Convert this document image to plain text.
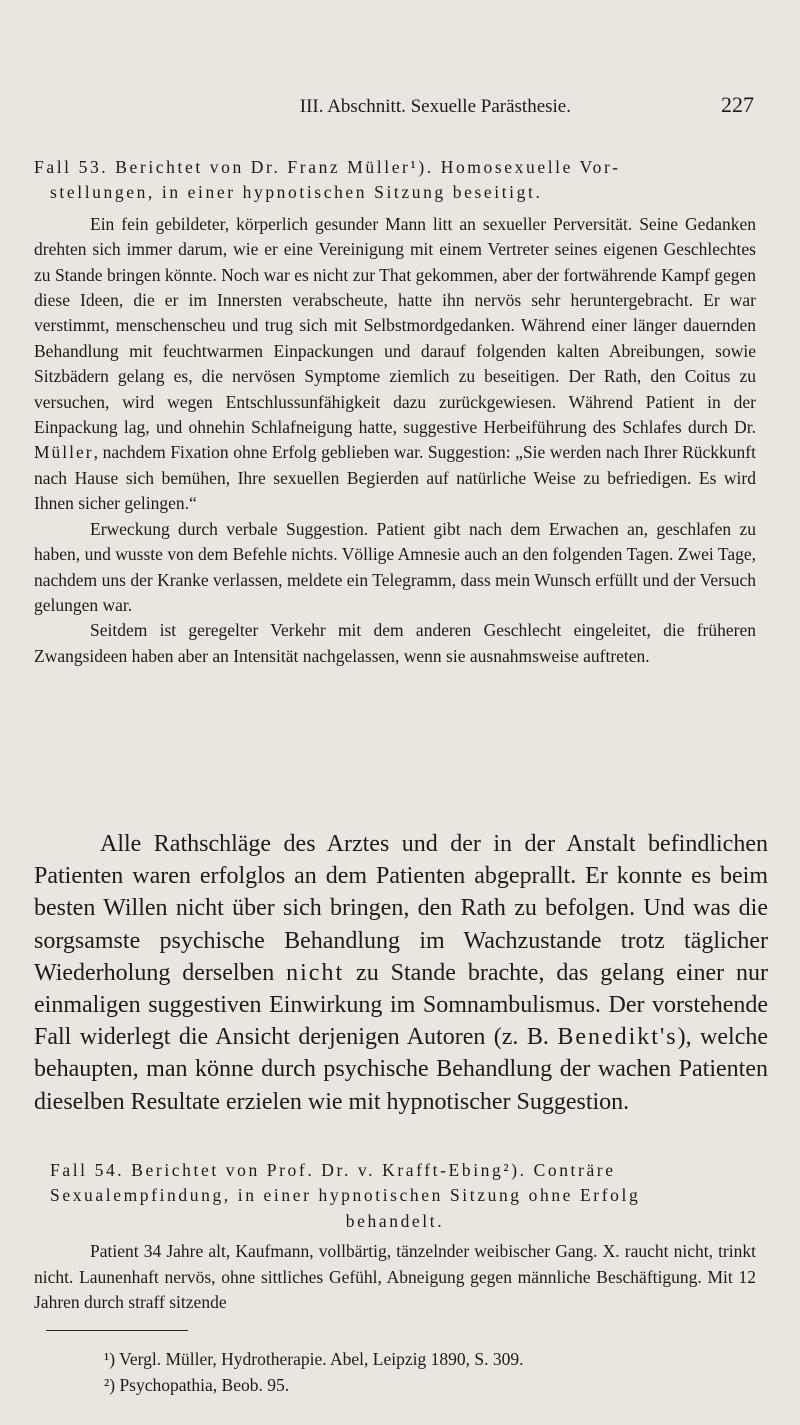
III. Abschnitt. Sexuelle Parästhesie.	227

Fall 53. Berichtet von Dr. Franz Müller¹). Homosexuelle Vor-

stellungen, in einer hypnotischen Sitzung beseitigt.

Ein fein gebildeter, körperlich gesunder Mann litt an sexueller Perversität. Seine Gedanken drehten sich immer darum, wie er eine Vereinigung mit einem Vertreter seines eigenen Geschlechtes zu Stande bringen könnte. Noch war es nicht zur That gekommen, aber der fortwährende Kampf gegen diese Ideen, die er im Innersten verabscheute, hatte ihn nervös sehr heruntergebracht. Er war verstimmt, menschenscheu und trug sich mit Selbstmordgedanken. Während einer länger dauernden Behandlung mit feuchtwarmen Einpackungen und darauf folgenden kalten Abreibungen, sowie Sitzbädern gelang es, die nervösen Symptome ziemlich zu beseitigen. Der Rath, den Coitus zu versuchen, wird wegen Entschlussunfähigkeit dazu zurückgewiesen. Während Patient in der Einpackung lag, und ohnehin Schlafneigung hatte, suggestive Herbeiführung des Schlafes durch Dr. Müller, nachdem Fixation ohne Erfolg geblieben war. Suggestion: „Sie werden nach Ihrer Rückkunft nach Hause sich bemühen, Ihre sexuellen Begierden auf natürliche Weise zu befriedigen. Es wird Ihnen sicher gelingen.“

Erweckung durch verbale Suggestion. Patient gibt nach dem Erwachen an, geschlafen zu haben, und wusste von dem Befehle nichts. Völlige Amnesie auch an den folgenden Tagen. Zwei Tage, nachdem uns der Kranke verlassen, meldete ein Telegramm, dass mein Wunsch erfüllt und der Versuch gelungen war.

Seitdem ist geregelter Verkehr mit dem anderen Geschlecht eingeleitet, die früheren Zwangsideen haben aber an Intensität nachgelassen, wenn sie ausnahmsweise auftreten.

Alle Rathschläge des Arztes und der in der Anstalt befindlichen Patienten waren erfolglos an dem Patienten abgeprallt. Er konnte es beim besten Willen nicht über sich bringen, den Rath zu befolgen. Und was die sorgsamste psychische Behandlung im Wachzustande trotz täglicher Wiederholung derselben nicht zu Stande brachte, das gelang einer nur einmaligen suggestiven Einwirkung im Somnambulismus. Der vorstehende Fall widerlegt die Ansicht derjenigen Autoren (z. B. Benedikt's), welche behaupten, man könne durch psychische Behandlung der wachen Patienten dieselben Resultate erzielen wie mit hypnotischer Suggestion.

Fall 54. Berichtet von Prof. Dr. v. Krafft-Ebing²). Conträre

Sexualempfindung, in einer hypnotischen Sitzung ohne Erfolg

behandelt.

Patient 34 Jahre alt, Kaufmann, vollbärtig, tänzelnder weibischer Gang. X. raucht nicht, trinkt nicht. Launenhaft nervös, ohne sittliches Gefühl, Abneigung gegen männliche Beschäftigung. Mit 12 Jahren durch straff sitzende

¹) Vergl. Müller, Hydrotherapie. Abel, Leipzig 1890, S. 309.
²) Psychopathia, Beob. 95.
